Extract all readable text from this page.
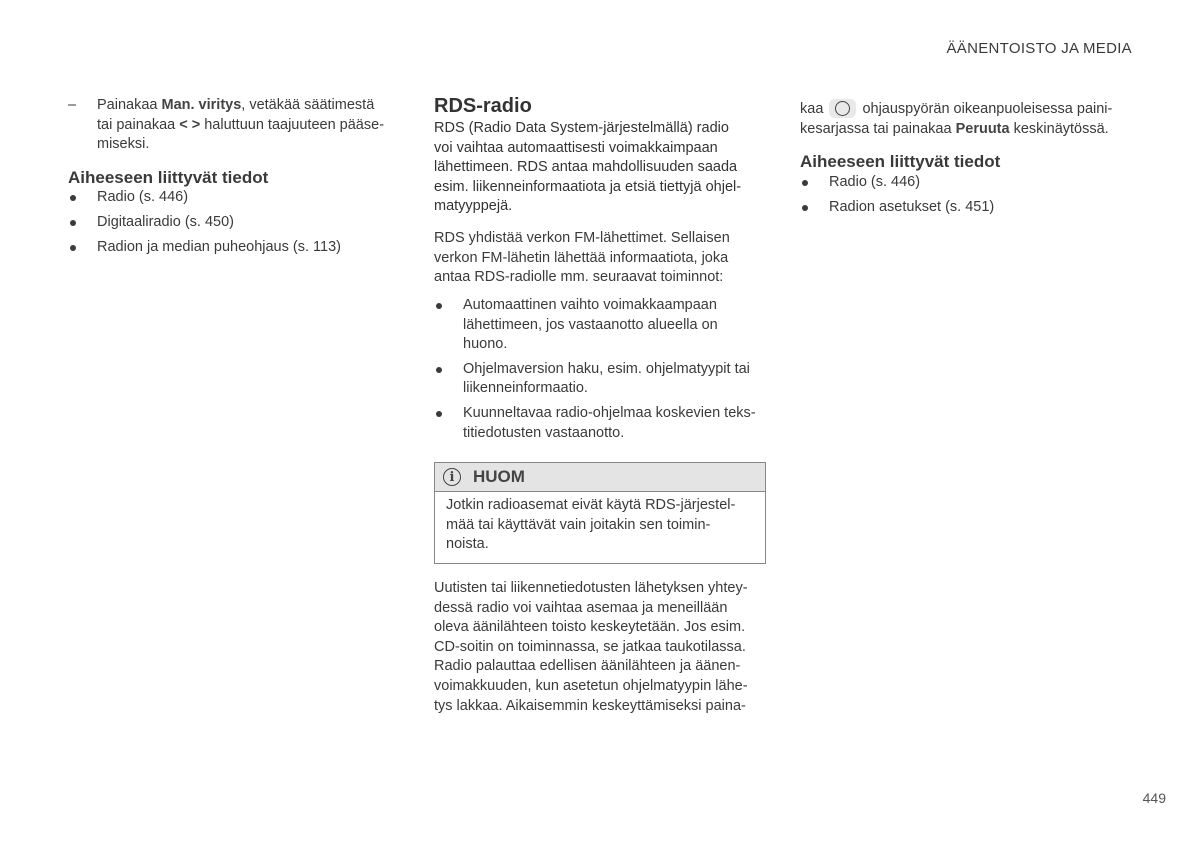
ÄÄNENTOISTO JA MEDIA
– Painakaa Man. viritys, vetäkää säätimestä
tai painakaa < > haluttuun taajuuteen pääse-
miseksi.
Aiheeseen liittyvät tiedot
Radio (s. 446)
Digitaaliradio (s. 450)
Radion ja median puheohjaus (s. 113)
RDS-radio
RDS (Radio Data System-järjestelmällä) radio
voi vaihtaa automaattisesti voimakkaimpaan
lähettimeen. RDS antaa mahdollisuuden saada
esim. liikenneinformaatiota ja etsiä tiettyjä ohjel-
matyyppejä.
RDS yhdistää verkon FM-lähettimet. Sellaisen
verkon FM-lähetin lähettää informaatiota, joka
antaa RDS-radiolle mm. seuraavat toiminnot:
Automaattinen vaihto voimakkaampaan
lähettimeen, jos vastaanotto alueella on
huono.
Ohjelmaversion haku, esim. ohjelmatyypit tai
liikenneinformaatio.
Kuunneltavaa radio-ohjelmaa koskevien teks-
titiedotusten vastaanotto.
i	HUOM
Jotkin radioasemat eivät käytä RDS-järjestel-
mää tai käyttävät vain joitakin sen toimin-
noista.
Uutisten tai liikennetiedotusten lähetyksen yhtey-
dessä radio voi vaihtaa asemaa ja meneillään
oleva äänilähteen toisto keskeytetään. Jos esim.
CD-soitin on toiminnassa, se jatkaa taukotilassa.
Radio palauttaa edellisen äänilähteen ja äänen-
voimakkuuden, kun asetetun ohjelmatyypin lähe-
tys lakkaa. Aikaisemmin keskeyttämiseksi paina-
kaa  ohjauspyörän oikeanpuoleisessa paini-
kesarjassa tai painakaa Peruuta keskinäytössä.
Aiheeseen liittyvät tiedot
Radio (s. 446)
Radion asetukset (s. 451)
449
